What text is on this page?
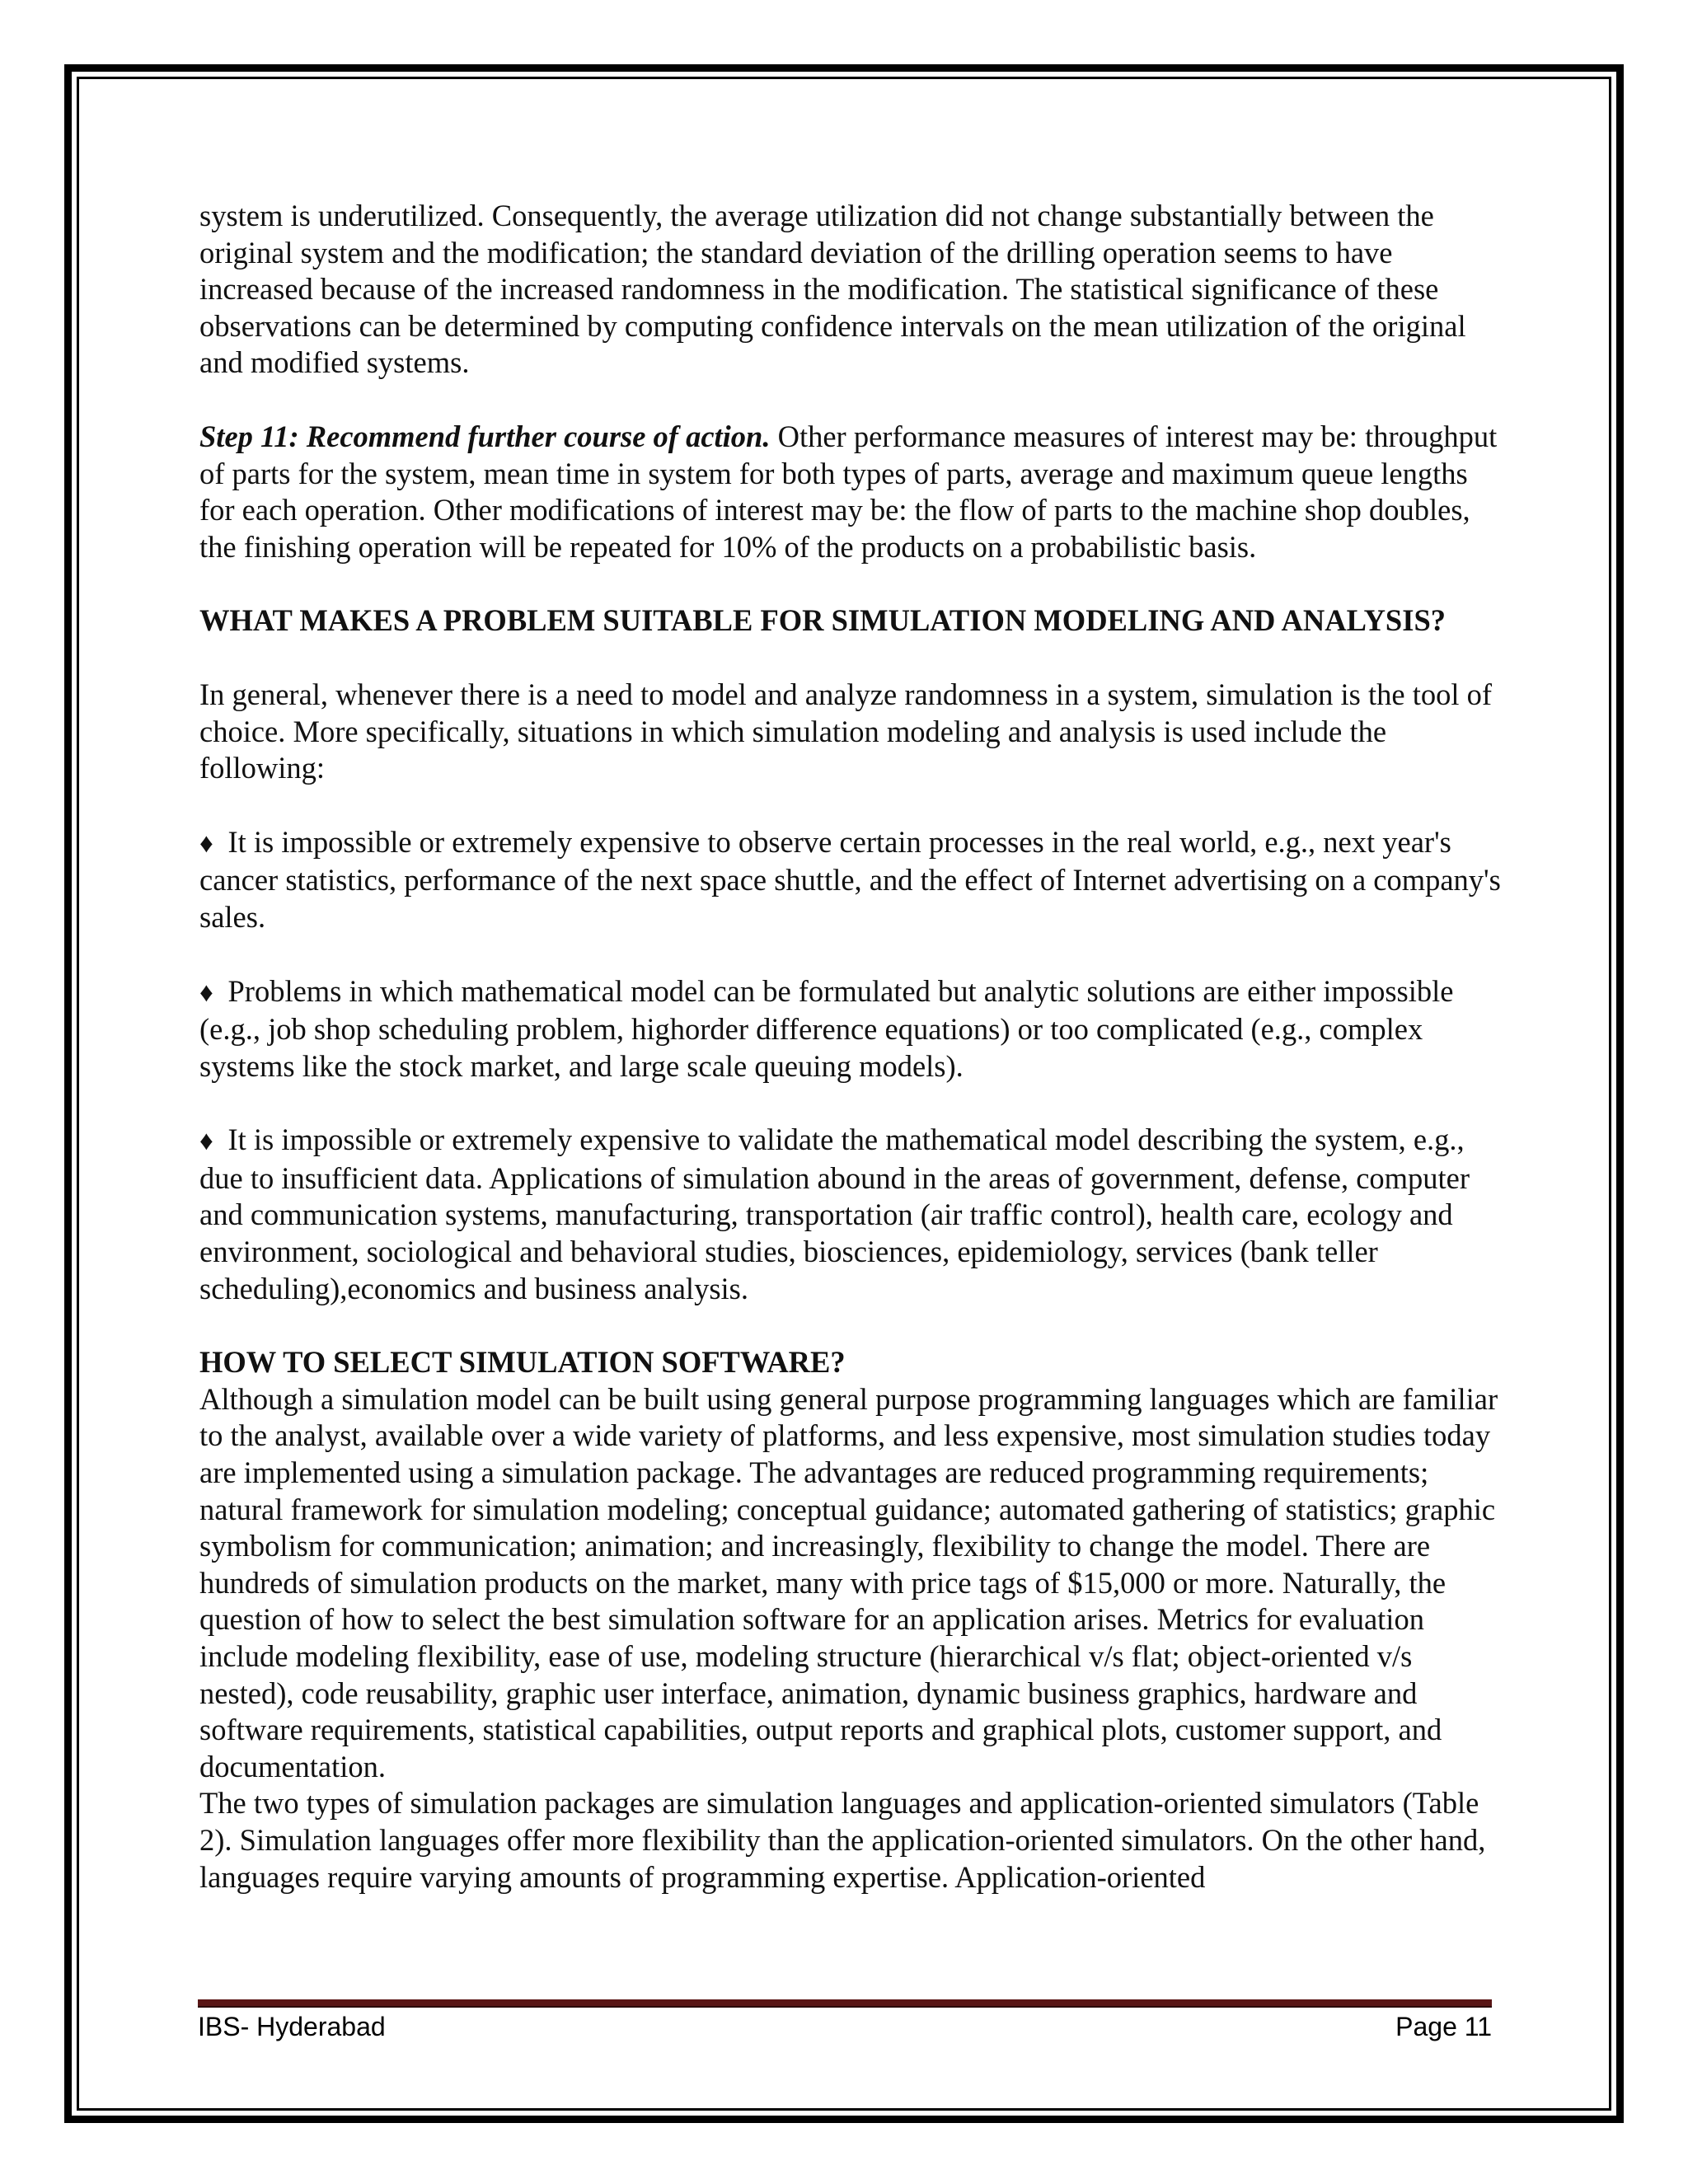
system is underutilized. Consequently, the average utilization did not change substantially between the original system and the modification; the standard deviation of the drilling operation seems to have increased because of the increased randomness in the modification. The statistical significance of these observations can be determined by computing confidence intervals on the mean utilization of the original and modified systems.

Step 11: Recommend further course of action. Other performance measures of interest may be: throughput of parts for the system, mean time in system for both types of parts, average and maximum queue lengths for each operation. Other modifications of interest may be: the flow of parts to the machine shop doubles, the finishing operation will be repeated for 10% of the products on a probabilistic basis.

WHAT MAKES A PROBLEM SUITABLE FOR SIMULATION MODELING AND ANALYSIS?

In general, whenever there is a need to model and analyze randomness in a system, simulation is the tool of choice. More specifically, situations in which simulation modeling and analysis is used include the following:

♦ It is impossible or extremely expensive to observe certain processes in the real world, e.g., next year's cancer statistics, performance of the next space shuttle, and the effect of Internet advertising on a company's sales.

♦ Problems in which mathematical model can be formulated but analytic solutions are either impossible (e.g., job shop scheduling problem, highorder difference equations) or too complicated (e.g., complex systems like the stock market, and large scale queuing models).

♦ It is impossible or extremely expensive to validate the mathematical model describing the system, e.g., due to insufficient data. Applications of simulation abound in the areas of government, defense, computer and communication systems, manufacturing, transportation (air traffic control), health care, ecology and environment, sociological and behavioral studies, biosciences, epidemiology, services (bank teller scheduling),economics and business analysis.

HOW TO SELECT SIMULATION SOFTWARE?

Although a simulation model can be built using general purpose programming languages which are familiar to the analyst, available over a wide variety of platforms, and less expensive, most simulation studies today are implemented using a simulation package. The advantages are reduced programming requirements; natural framework for simulation modeling; conceptual guidance; automated gathering of statistics; graphic symbolism for communication; animation; and increasingly, flexibility to change the model. There are hundreds of simulation products on the market, many with price tags of $15,000 or more. Naturally, the question of how to select the best simulation software for an application arises. Metrics for evaluation include modeling flexibility, ease of use, modeling structure (hierarchical v/s flat; object-oriented v/s nested), code reusability, graphic user interface, animation, dynamic business graphics, hardware and software requirements, statistical capabilities, output reports and graphical plots, customer support, and documentation.

The two types of simulation packages are simulation languages and application-oriented simulators (Table 2). Simulation languages offer more flexibility than the application-oriented simulators. On the other hand, languages require varying amounts of programming expertise. Application-oriented

IBS- Hyderabad	Page 11
